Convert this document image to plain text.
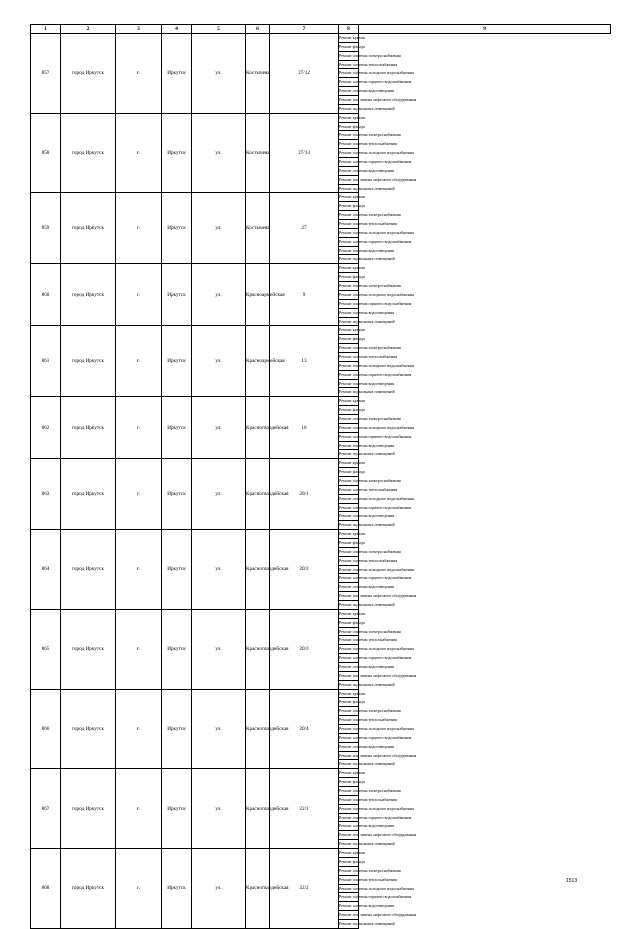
1	2	3	4	5	6	7	8	9
857	город Иркутск	г.	Иркутск	ул.	Костычева	27/12	Ремонт крыши	
							Ремонт фасада	
							Ремонт системы электроснабжения	
							Ремонт системы теплоснабжения	
							Ремонт системы холодного водоснабжения	
							Ремонт системы горячего водоснабжения	
							Ремонт системы водоотведения	
							Ремонт или замена лифтового оборудования	
							Ремонт подвальных помещений	
858	город Иркутск	г.	Иркутск	ул.	Костычева	27/13	Ремонт крыши	
							Ремонт фасада	
							Ремонт системы электроснабжения	
							Ремонт системы теплоснабжения	
							Ремонт системы холодного водоснабжения	
							Ремонт системы горячего водоснабжения	
							Ремонт системы водоотведения	
							Ремонт или замена лифтового оборудования	
							Ремонт подвальных помещений	
859	город Иркутск	г.	Иркутск	ул.	Костычева	27	Ремонт крыши	
							Ремонт фасада	
							Ремонт системы электроснабжения	
							Ремонт системы теплоснабжения	
							Ремонт системы холодного водоснабжения	
							Ремонт системы горячего водоснабжения	
							Ремонт системы водоотведения	
							Ремонт подвальных помещений	
860	город Иркутск	г.	Иркутск	ул.	Красноармейская	9	Ремонт крыши	
							Ремонт фасада	
							Ремонт системы электроснабжения	
							Ремонт системы холодного водоснабжения	
							Ремонт системы горячего водоснабжения	
							Ремонт системы водоотведения	
							Ремонт подвальных помещений	
861	город Иркутск	г.	Иркутск	ул.	Красноармейская	13	Ремонт крыши	
							Ремонт фасада	
							Ремонт системы электроснабжения	
							Ремонт системы теплоснабжения	
							Ремонт системы холодного водоснабжения	
							Ремонт системы горячего водоснабжения	
							Ремонт системы водоотведения	
							Ремонт подвальных помещений	
862	город Иркутск	г.	Иркутск	ул.	Красногвардейская	18	Ремонт крыши	
							Ремонт фасада	
							Ремонт системы электроснабжения	
							Ремонт системы холодного водоснабжения	
							Ремонт системы горячего водоснабжения	
							Ремонт системы водоотведения	
							Ремонт подвальных помещений	
863	город Иркутск	г.	Иркутск	ул.	Красногвардейская	20/1	Ремонт крыши	
							Ремонт фасада	
							Ремонт системы электроснабжения	
							Ремонт системы теплоснабжения	
							Ремонт системы холодного водоснабжения	
							Ремонт системы горячего водоснабжения	
							Ремонт системы водоотведения	
							Ремонт подвальных помещений	
864	город Иркутск	г.	Иркутск	ул.	Красногвардейская	20/2	Ремонт крыши	
							Ремонт фасада	
							Ремонт системы электроснабжения	
							Ремонт системы теплоснабжения	
							Ремонт системы холодного водоснабжения	
							Ремонт системы горячего водоснабжения	
							Ремонт системы водоотведения	
							Ремонт или замена лифтового оборудования	
							Ремонт подвальных помещений	
865	город Иркутск	г.	Иркутск	ул.	Красногвардейская	20/3	Ремонт крыши	
							Ремонт фасада	
							Ремонт системы электроснабжения	
							Ремонт системы теплоснабжения	
							Ремонт системы холодного водоснабжения	
							Ремонт системы горячего водоснабжения	
							Ремонт системы водоотведения	
							Ремонт или замена лифтового оборудования	
							Ремонт подвальных помещений	
866	город Иркутск	г.	Иркутск	ул.	Красногвардейская	20/4	Ремонт крыши	
							Ремонт фасада	
							Ремонт системы электроснабжения	
							Ремонт системы теплоснабжения	
							Ремонт системы холодного водоснабжения	
							Ремонт системы горячего водоснабжения	
							Ремонт системы водоотведения	
							Ремонт или замена лифтового оборудования	
							Ремонт подвальных помещений	
867	город Иркутск	г.	Иркутск	ул.	Красногвардейская	22/1	Ремонт крыши	
							Ремонт фасада	
							Ремонт системы электроснабжения	
							Ремонт системы теплоснабжения	
							Ремонт системы холодного водоснабжения	
							Ремонт системы горячего водоснабжения	
							Ремонт системы водоотведения	
							Ремонт или замена лифтового оборудования	
							Ремонт подвальных помещений	
868	город Иркутск	г.	Иркутск	ул.	Красногвардейская	22/2	Ремонт крыши	
							Ремонт фасада	
							Ремонт системы электроснабжения	
							Ремонт системы теплоснабжения	
							Ремонт системы холодного водоснабжения	
							Ремонт системы горячего водоснабжения	
							Ремонт системы водоотведения	
							Ремонт или замена лифтового оборудования	
							Ремонт подвальных помещений	
1513
